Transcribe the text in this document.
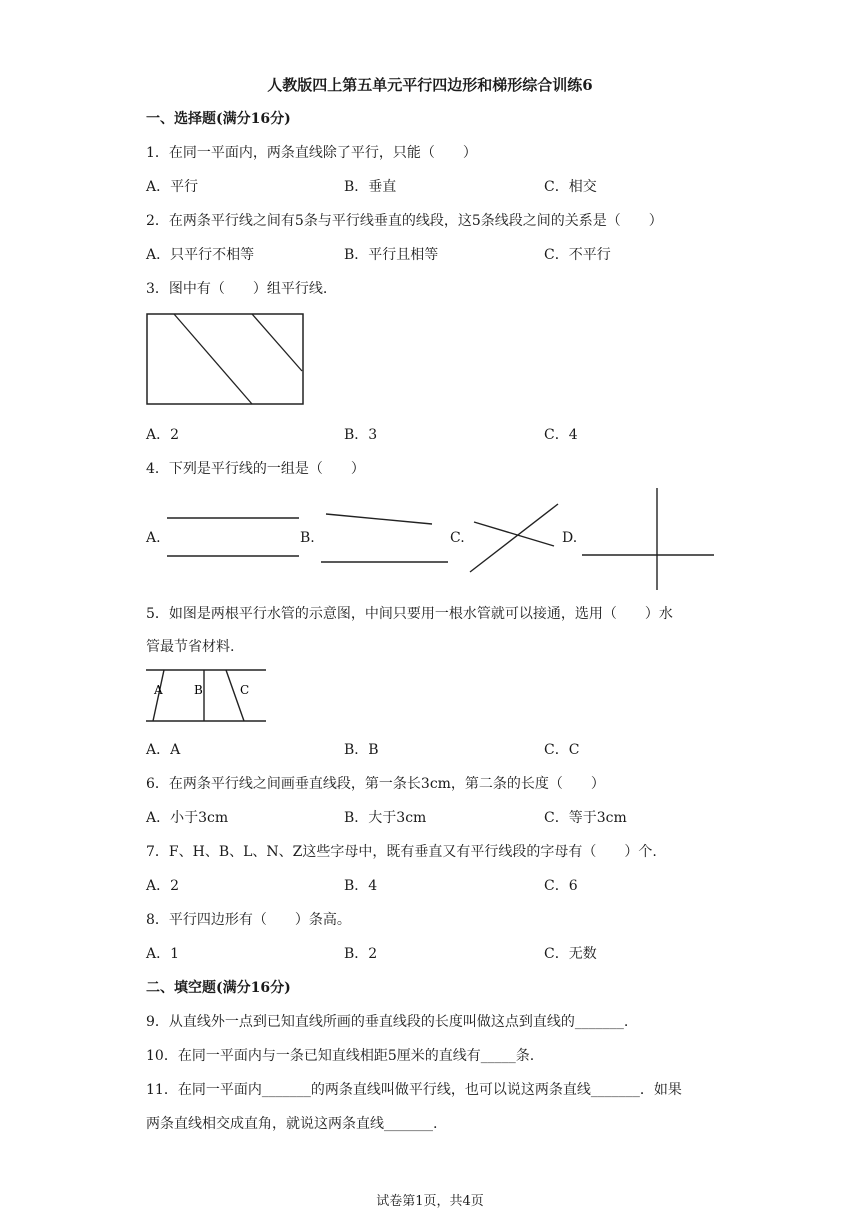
人教版四上第五单元平行四边形和梯形综合训练6
一、选择题(满分16分)
1．在同一平面内，两条直线除了平行，只能（　　）
A．平行	B．垂直	C．相交
2．在两条平行线之间有5条与平行线垂直的线段，这5条线段之间的关系是（　　）
A．只平行不相等	B．平行且相等	C．不平行
3．图中有（　　）组平行线.
A．2	B．3	C．4
4．下列是平行线的一组是（　　）
A.	B.	C.	D.
5．如图是两根平行水管的示意图，中间只要用一根水管就可以接通，选用（　　）水
管最节省材料.
A	B	C
A．A	B．B	C．C
6．在两条平行线之间画垂直线段，第一条长3cm，第二条的长度（　　）
A．小于3cm	B．大于3cm	C．等于3cm
7．F、H、B、L、N、Z这些字母中，既有垂直又有平行线段的字母有（　　）个.
A．2	B．4	C．6
8．平行四边形有（　　）条高。
A．1	B．2	C．无数
二、填空题(满分16分)
9．从直线外一点到已知直线所画的垂直线段的长度叫做这点到直线的_______.
10．在同一平面内与一条已知直线相距5厘米的直线有_____条.
11．在同一平面内_______的两条直线叫做平行线，也可以说这两条直线_______．如果
两条直线相交成直角，就说这两条直线_______.
试卷第1页，共4页
